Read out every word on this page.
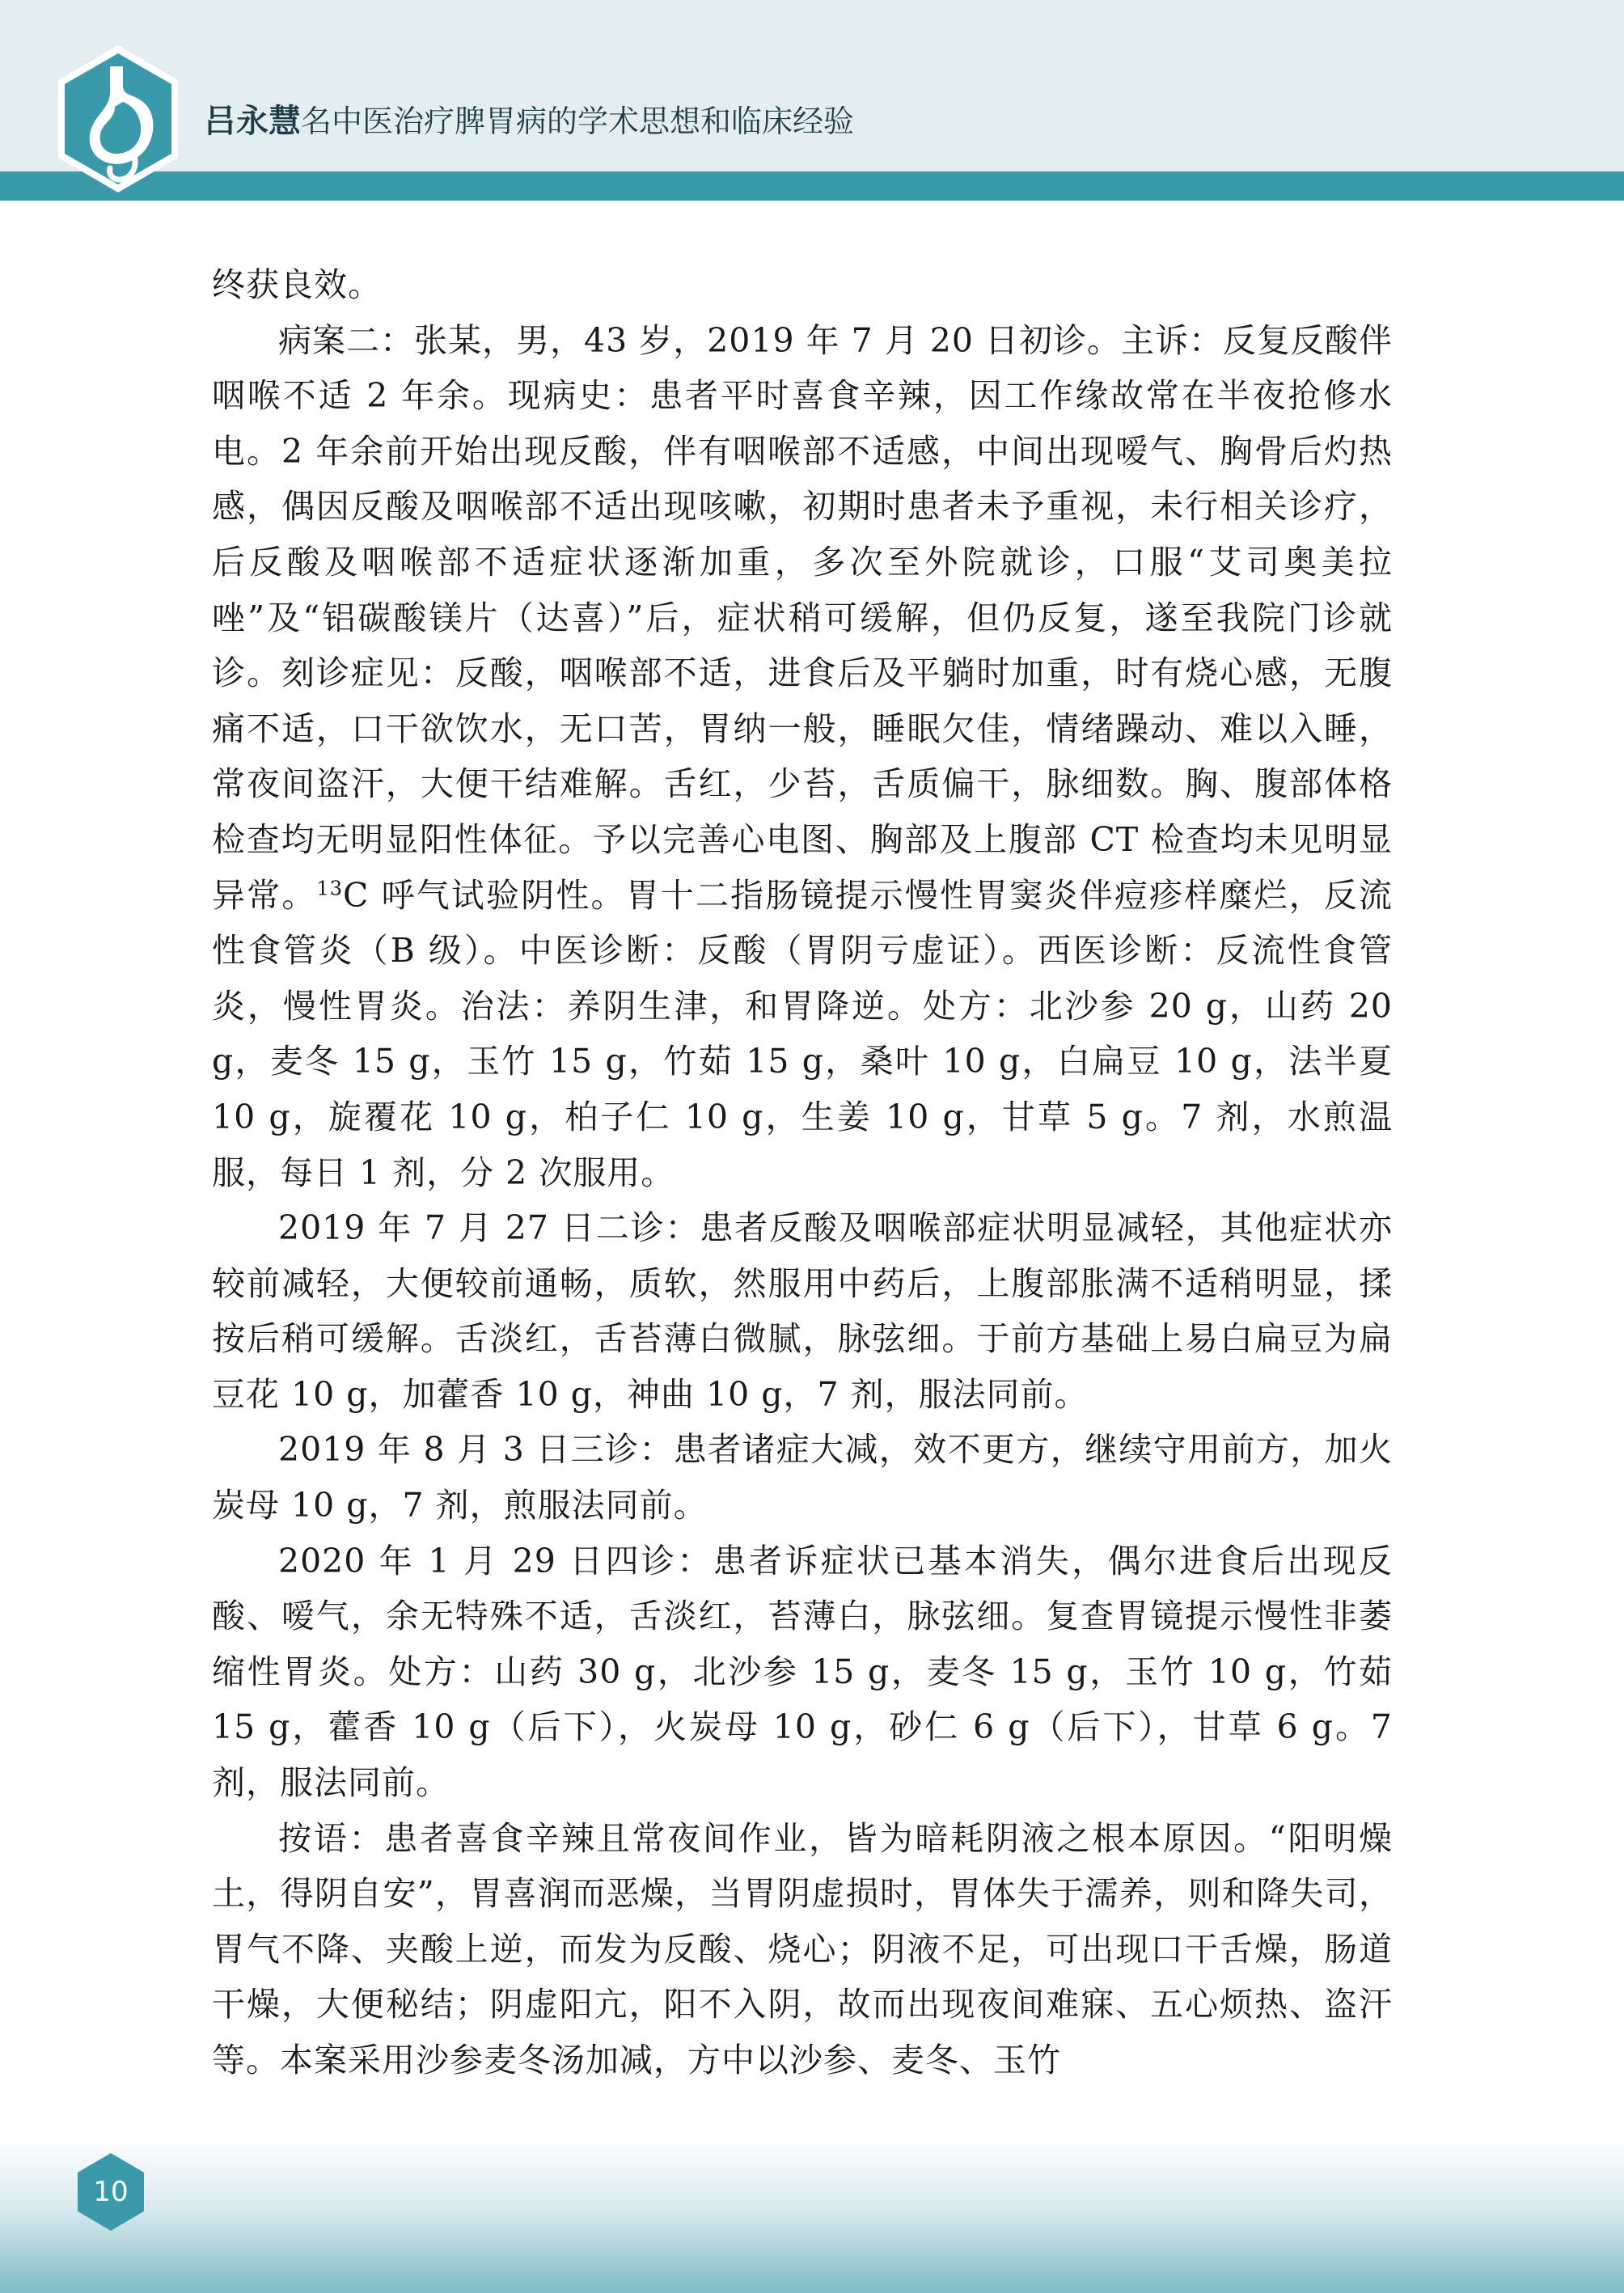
吕永慧名中医治疗脾胃病的学术思想和临床经验

终获良效。

病案二：张某，男，43 岁，2019 年 7 月 20 日初诊。主诉：反复反酸伴咽喉不适 2 年余。现病史：患者平时喜食辛辣，因工作缘故常在半夜抢修水电。2 年余前开始出现反酸，伴有咽喉部不适感，中间出现嗳气、胸骨后灼热感，偶因反酸及咽喉部不适出现咳嗽，初期时患者未予重视，未行相关诊疗，后反酸及咽喉部不适症状逐渐加重，多次至外院就诊，口服“艾司奥美拉唑”及“铝碳酸镁片（达喜）”后，症状稍可缓解，但仍反复，遂至我院门诊就诊。刻诊症见：反酸，咽喉部不适，进食后及平躺时加重，时有烧心感，无腹痛不适，口干欲饮水，无口苦，胃纳一般，睡眠欠佳，情绪躁动、难以入睡，常夜间盗汗，大便干结难解。舌红，少苔，舌质偏干，脉细数。胸、腹部体格检查均无明显阳性体征。予以完善心电图、胸部及上腹部 CT 检查均未见明显异常。$^{13}$C 呼气试验阴性。胃十二指肠镜提示慢性胃窦炎伴痘疹样糜烂，反流性食管炎（B 级）。中医诊断：反酸（胃阴亏虚证）。西医诊断：反流性食管炎，慢性胃炎。治法：养阴生津，和胃降逆。处方：北沙参 20 g，山药 20 g，麦冬 15 g，玉竹 15 g，竹茹 15 g，桑叶 10 g，白扁豆 10 g，法半夏 10 g，旋覆花 10 g，柏子仁 10 g，生姜 10 g，甘草 5 g。7 剂，水煎温服，每日 1 剂，分 2 次服用。

2019 年 7 月 27 日二诊：患者反酸及咽喉部症状明显减轻，其他症状亦较前减轻，大便较前通畅，质软，然服用中药后，上腹部胀满不适稍明显，揉按后稍可缓解。舌淡红，舌苔薄白微腻，脉弦细。于前方基础上易白扁豆为扁豆花 10 g，加藿香 10 g，神曲 10 g，7 剂，服法同前。

2019 年 8 月 3 日三诊：患者诸症大减，效不更方，继续守用前方，加火炭母 10 g，7 剂，煎服法同前。

2020 年 1 月 29 日四诊：患者诉症状已基本消失，偶尔进食后出现反酸、嗳气，余无特殊不适，舌淡红，苔薄白，脉弦细。复查胃镜提示慢性非萎缩性胃炎。处方：山药 30 g，北沙参 15 g，麦冬 15 g，玉竹 10 g，竹茹 15 g，藿香 10 g（后下），火炭母 10 g，砂仁 6 g（后下），甘草 6 g。7 剂，服法同前。

按语：患者喜食辛辣且常夜间作业，皆为暗耗阴液之根本原因。“阳明燥土，得阴自安”，胃喜润而恶燥，当胃阴虚损时，胃体失于濡养，则和降失司，胃气不降、夹酸上逆，而发为反酸、烧心；阴液不足，可出现口干舌燥，肠道干燥，大便秘结；阴虚阳亢，阳不入阴，故而出现夜间难寐、五心烦热、盗汗等。本案采用沙参麦冬汤加减，方中以沙参、麦冬、玉竹

10
